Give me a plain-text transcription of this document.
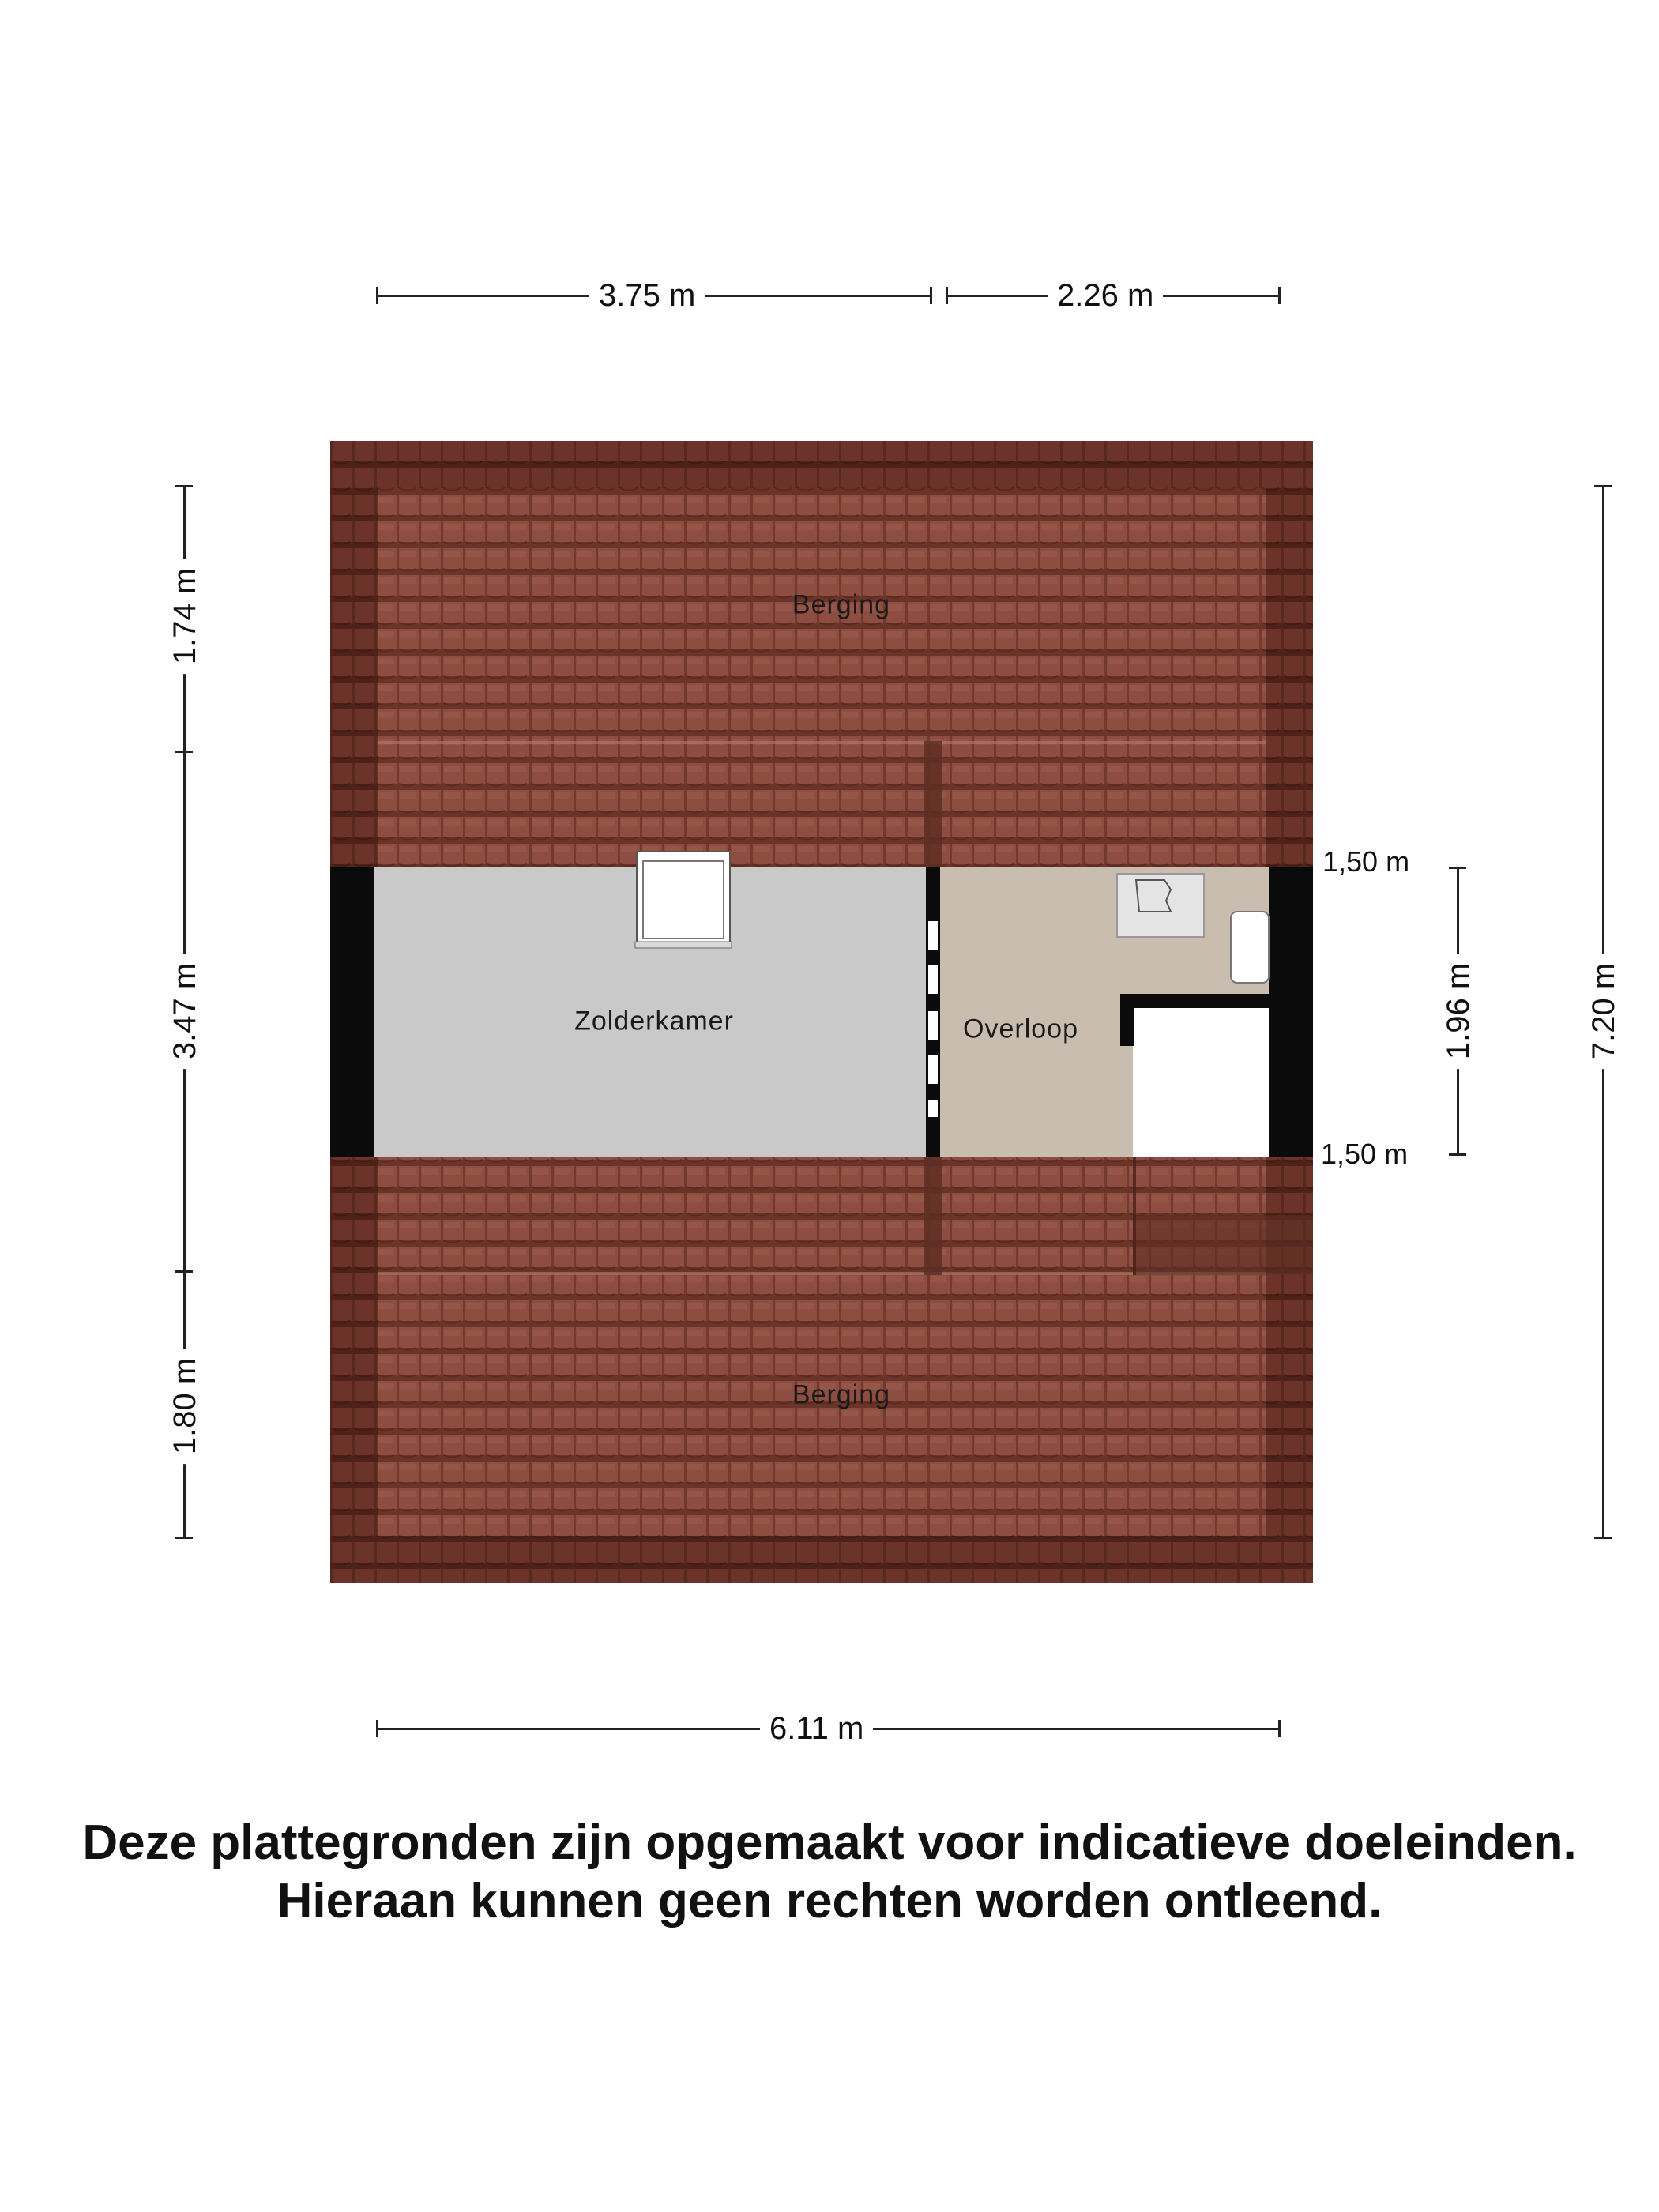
3.75 m	2.26 m
1.74 m
3.47 m
1.80 m
1.96 m	7.20 m
Berging
Zolderkamer	Overloop
Berging
1,50 m
1,50 m
6.11 m
Deze plattegronden zijn opgemaakt voor indicatieve doeleinden.
Hieraan kunnen geen rechten worden ontleend.
